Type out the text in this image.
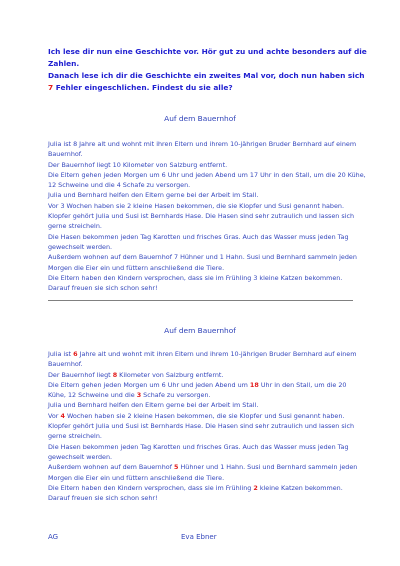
Ich lese dir nun eine Geschichte vor. Hör gut zu und achte besonders auf die Zahlen.

Danach lese ich dir die Geschichte ein zweites Mal vor, doch nun haben sich 7 Fehler eingeschlichen. Findest du sie alle?

Auf dem Bauernhof

Julia ist 8 Jahre alt und wohnt mit ihren Eltern und ihrem 10-jährigen Bruder Bernhard auf einem Bauernhof.

Der Bauernhof liegt 10 Kilometer von Salzburg entfernt.

Die Eltern gehen jeden Morgen um 6 Uhr und jeden Abend um 17 Uhr in den Stall, um die 20 Kühe, 12 Schweine und die 4 Schafe zu versorgen.

Julia und Bernhard helfen den Eltern gerne bei der Arbeit im Stall.

Vor 3 Wochen haben sie 2 kleine Hasen bekommen, die sie Klopfer und Susi genannt haben. Klopfer gehört Julia und Susi ist Bernhards Hase. Die Hasen sind sehr zutraulich und lassen sich gerne streicheln.

Die Hasen bekommen jeden Tag Karotten und frisches Gras. Auch das Wasser muss jeden Tag gewechselt werden.

Außerdem wohnen auf dem Bauernhof 7 Hühner und 1 Hahn. Susi und Bernhard sammeln jeden Morgen die Eier ein und füttern anschließend die Tiere.

Die Eltern haben den Kindern versprochen, dass sie im Frühling 3 kleine Katzen bekommen. Darauf freuen sie sich schon sehr!

Auf dem Bauernhof

Julia ist 6 Jahre alt und wohnt mit ihren Eltern und ihrem 10-jährigen Bruder Bernhard auf einem Bauernhof.

Der Bauernhof liegt 8 Kilometer von Salzburg entfernt.

Die Eltern gehen jeden Morgen um 6 Uhr und jeden Abend um 18 Uhr in den Stall, um die 20 Kühe, 12 Schweine und die 3 Schafe zu versorgen.

Julia und Bernhard helfen den Eltern gerne bei der Arbeit im Stall.

Vor 4 Wochen haben sie 2 kleine Hasen bekommen, die sie Klopfer und Susi genannt haben. Klopfer gehört Julia und Susi ist Bernhards Hase. Die Hasen sind sehr zutraulich und lassen sich gerne streicheln.

Die Hasen bekommen jeden Tag Karotten und frisches Gras. Auch das Wasser muss jeden Tag gewechselt werden.

Außerdem wohnen auf dem Bauernhof 5 Hühner und 1 Hahn. Susi und Bernhard sammeln jeden Morgen die Eier ein und füttern anschließend die Tiere.

Die Eltern haben den Kindern versprochen, dass sie im Frühling 2 kleine Katzen bekommen. Darauf freuen sie sich schon sehr!

AG	Eva Ebner
